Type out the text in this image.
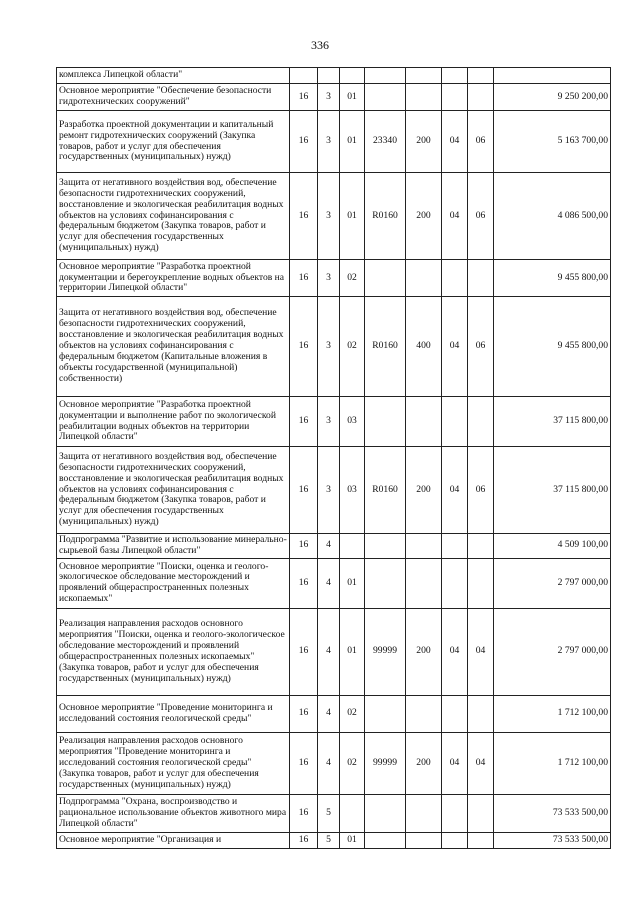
336
комплекса Липецкой области"								
Основное мероприятие "Обеспечение безопасности гидротехнических сооружений"	16	3	01					9 250 200,00
Разработка проектной документации и капитальный ремонт гидротехнических сооружений (Закупка товаров, работ и услуг для обеспечения государственных (муниципальных) нужд)	16	3	01	23340	200	04	06	5 163 700,00
Защита от негативного воздействия вод, обеспечение безопасности гидротехнических сооружений, восстановление и экологическая реабилитация водных объектов на условиях софинансирования с федеральным бюджетом (Закупка товаров, работ и услуг для обеспечения государственных (муниципальных) нужд)	16	3	01	R0160	200	04	06	4 086 500,00
Основное мероприятие "Разработка проектной документации и берегоукрепление водных объектов на территории Липецкой области"	16	3	02					9 455 800,00
Защита от негативного воздействия вод, обеспечение безопасности гидротехнических сооружений, восстановление и экологическая реабилитация водных объектов на условиях софинансирования с федеральным бюджетом (Капитальные вложения в объекты государственной (муниципальной) собственности)	16	3	02	R0160	400	04	06	9 455 800,00
Основное мероприятие "Разработка проектной документации и выполнение работ по экологической реабилитации водных объектов на территории Липецкой области"	16	3	03					37 115 800,00
Защита от негативного воздействия вод, обеспечение безопасности гидротехнических сооружений, восстановление и экологическая реабилитация водных объектов на условиях софинансирования с федеральным бюджетом (Закупка товаров, работ и услуг для обеспечения государственных (муниципальных) нужд)	16	3	03	R0160	200	04	06	37 115 800,00
Подпрограмма "Развитие и использование минерально-сырьевой базы Липецкой области"	16	4						4 509 100,00
Основное мероприятие "Поиски, оценка и геолого-экологическое обследование месторождений и проявлений общераспространенных полезных ископаемых"	16	4	01					2 797 000,00
Реализация направления расходов основного мероприятия "Поиски, оценка и геолого-экологическое обследование месторождений и проявлений общераспространенных полезных ископаемых" (Закупка товаров, работ и услуг для обеспечения государственных (муниципальных) нужд)	16	4	01	99999	200	04	04	2 797 000,00
Основное мероприятие "Проведение мониторинга и исследований состояния геологической среды"	16	4	02					1 712 100,00
Реализация направления расходов основного мероприятия "Проведение мониторинга и исследований состояния геологической среды" (Закупка товаров, работ и услуг для обеспечения государственных (муниципальных) нужд)	16	4	02	99999	200	04	04	1 712 100,00
Подпрограмма "Охрана, воспроизводство и рациональное использование объектов животного мира Липецкой области"	16	5						73 533 500,00
Основное мероприятие "Организация и	16	5	01					73 533 500,00
